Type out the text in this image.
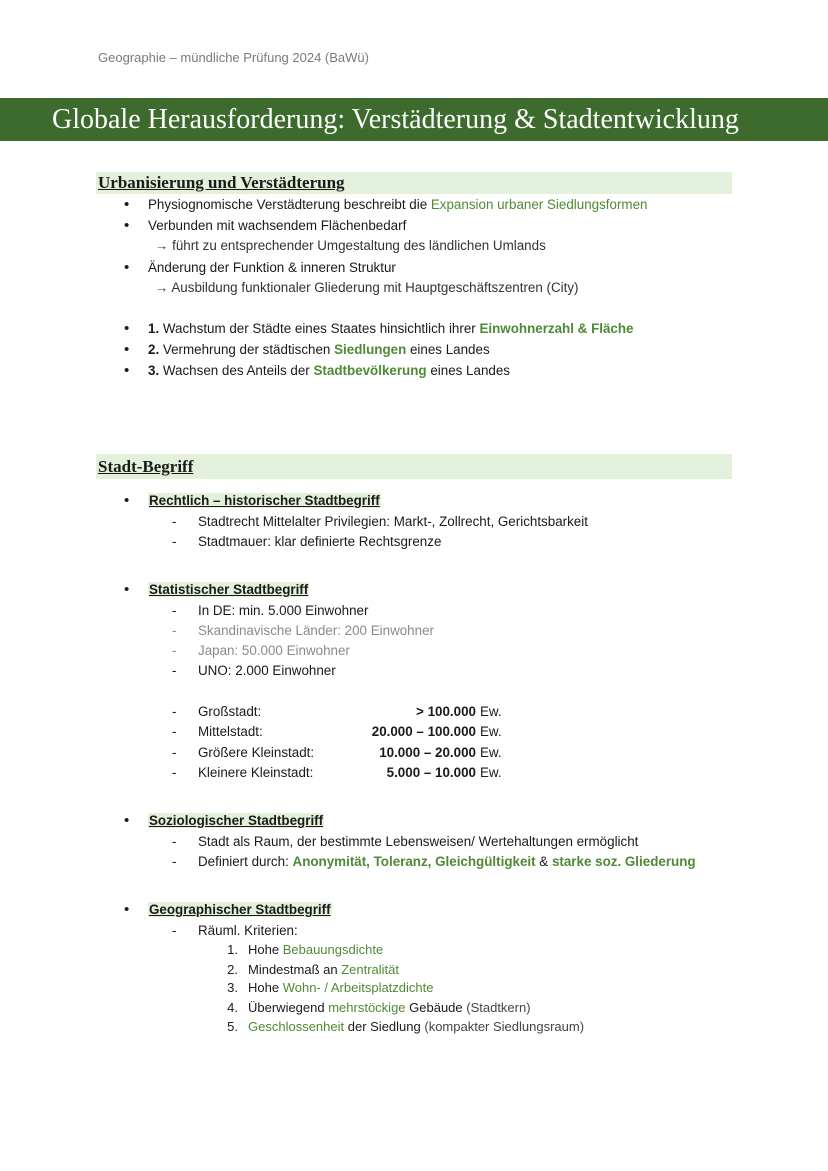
Geographie – mündliche Prüfung 2024 (BaWü)
Globale Herausforderung: Verstädterung & Stadtentwicklung
Urbanisierung und Verstädterung
• Physiognomische Verstädterung beschreibt die Expansion urbaner Siedlungsformen
• Verbunden mit wachsendem Flächenbedarf
→ führt zu entsprechender Umgestaltung des ländlichen Umlands
• Änderung der Funktion & inneren Struktur
→ Ausbildung funktionaler Gliederung mit Hauptgeschäftszentren (City)
• 1. Wachstum der Städte eines Staates hinsichtlich ihrer Einwohnerzahl & Fläche
• 2. Vermehrung der städtischen Siedlungen eines Landes
• 3. Wachsen des Anteils der Stadtbevölkerung eines Landes
Stadt-Begriff
• Rechtlich – historischer Stadtbegriff
- Stadtrecht Mittelalter Privilegien: Markt-, Zollrecht, Gerichtsbarkeit
- Stadtmauer: klar definierte Rechtsgrenze
• Statistischer Stadtbegriff
- In DE: min. 5.000 Einwohner
- Skandinavische Länder: 200 Einwohner
- Japan: 50.000 Einwohner
- UNO: 2.000 Einwohner
- Großstadt:	> 100.000 Ew.
- Mittelstadt:	20.000 – 100.000 Ew.
- Größere Kleinstadt:	10.000 – 20.000 Ew.
- Kleinere Kleinstadt:	5.000 – 10.000 Ew.
• Soziologischer Stadtbegriff
- Stadt als Raum, der bestimmte Lebensweisen/ Wertehaltungen ermöglicht
- Definiert durch: Anonymität, Toleranz, Gleichgültigkeit & starke soz. Gliederung
• Geographischer Stadtbegriff
- Räuml. Kriterien:
1. Hohe Bebauungsdichte
2. Mindestmaß an Zentralität
3. Hohe Wohn- / Arbeitsplatzdichte
4. Überwiegend mehrstöckige Gebäude (Stadtkern)
5. Geschlossenheit der Siedlung (kompakter Siedlungsraum)
